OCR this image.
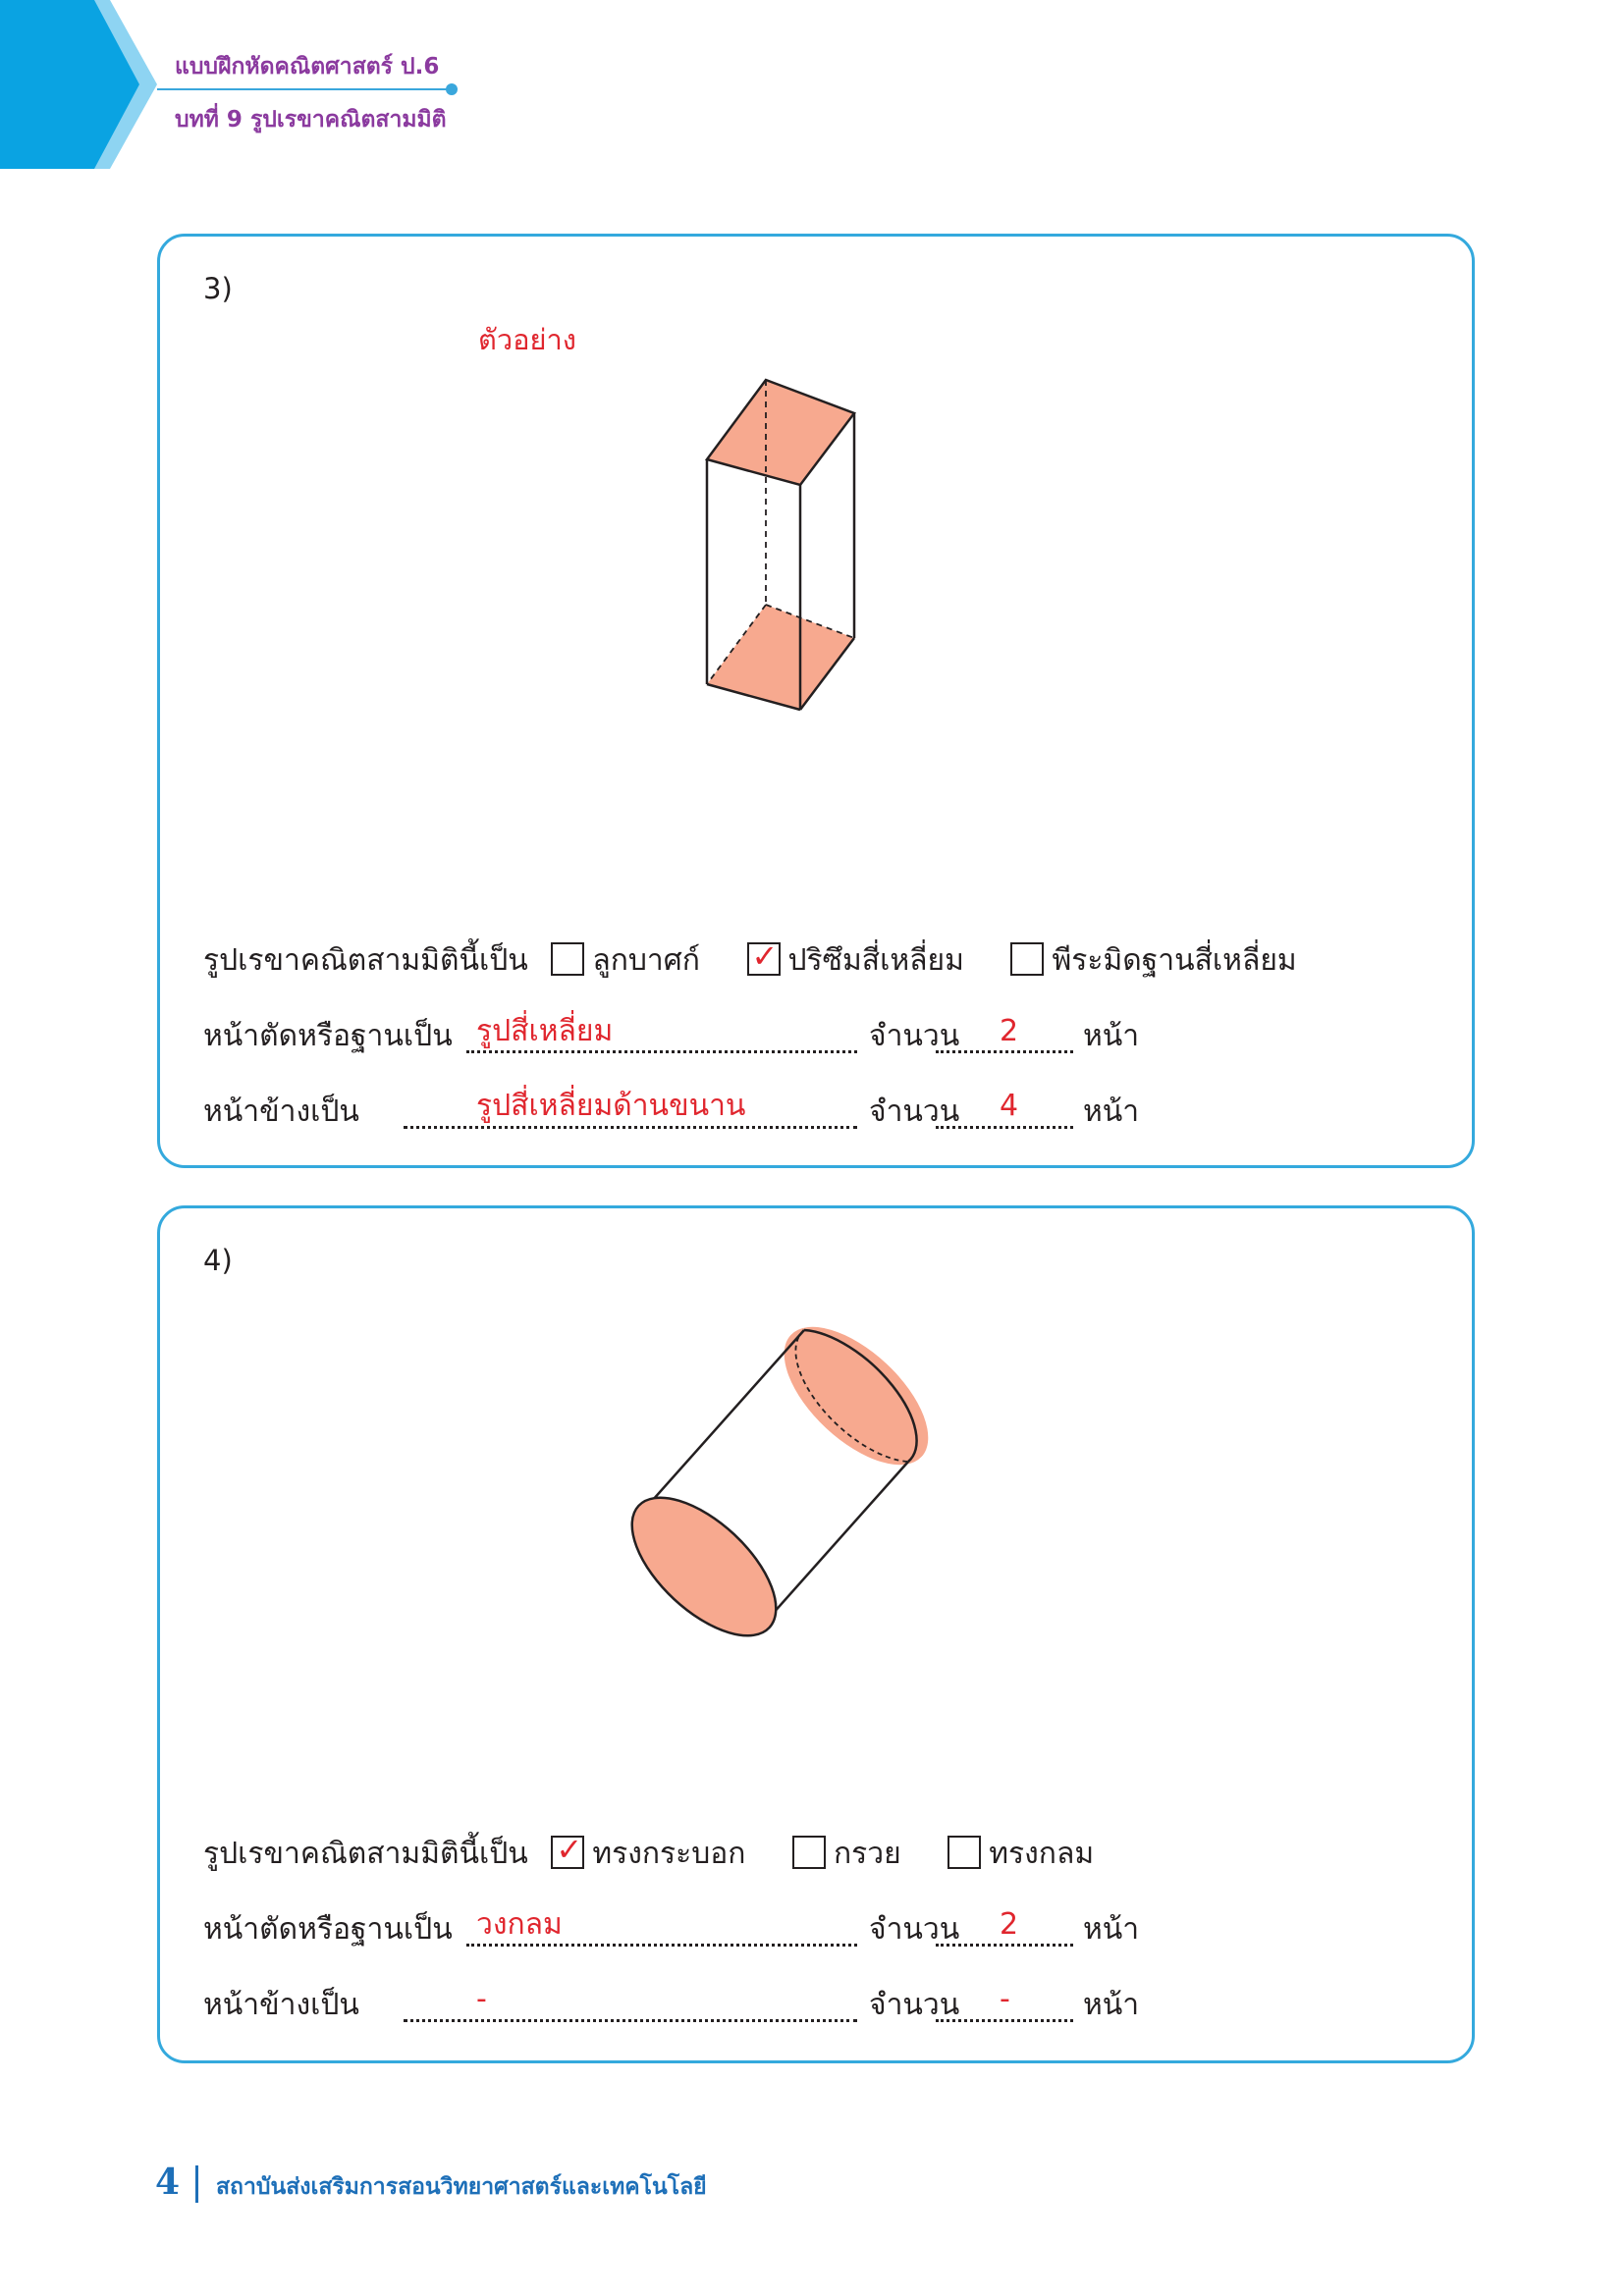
แบบฝึกหัดคณิตศาสตร์ ป.6
บทที่ 9 รูปเรขาคณิตสามมิติ
3)
ตัวอย่าง
รูปเรขาคณิตสามมิตินี้เป็น ลูกบาศก์ ✓ ปริซึมสี่เหลี่ยม	พีระมิดฐานสี่เหลี่ยม
หน้าตัดหรือฐานเป็น รูปสี่เหลี่ยม	จำนวน 2 หน้า
หน้าข้างเป็น	รูปสี่เหลี่ยมด้านขนาน	จำนวน 4 หน้า
4)
รูปเรขาคณิตสามมิตินี้เป็น ✓ ทรงกระบอก	กรวย	ทรงกลม
หน้าตัดหรือฐานเป็น วงกลม	จำนวน 2 หน้า
หน้าข้างเป็น	-	จำนวน - หน้า
4 สถาบันส่งเสริมการสอนวิทยาศาสตร์และเทคโนโลยี
